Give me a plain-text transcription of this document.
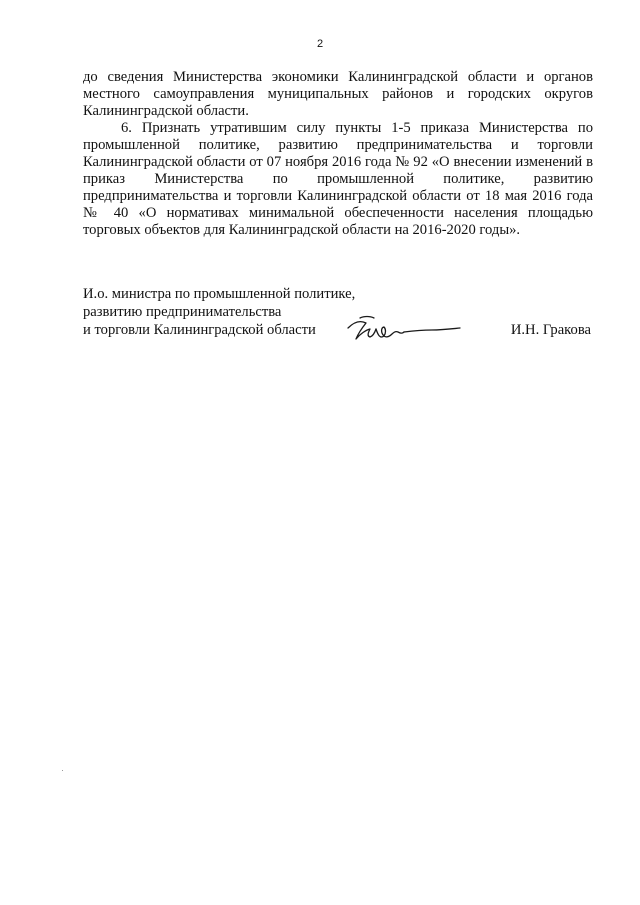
2

до сведения Министерства экономики Калининградской области и органов местного самоуправления муниципальных районов и городских округов Калининградской области.

6. Признать утратившим силу пункты 1-5 приказа Министерства по промышленной политике, развитию предпринимательства и торговли Калининградской области от 07 ноября 2016 года № 92 «О внесении изменений в приказ Министерства по промышленной политике, развитию предпринимательства и торговли Калининградской области от 18 мая 2016 года № 40 «О нормативах минимальной обеспеченности населения площадью торговых объектов для Калининградской области на 2016-2020 годы».

И.о. министра по промышленной политике,
развитию предпринимательства
и торговли Калининградской области	И.Н. Гракова
